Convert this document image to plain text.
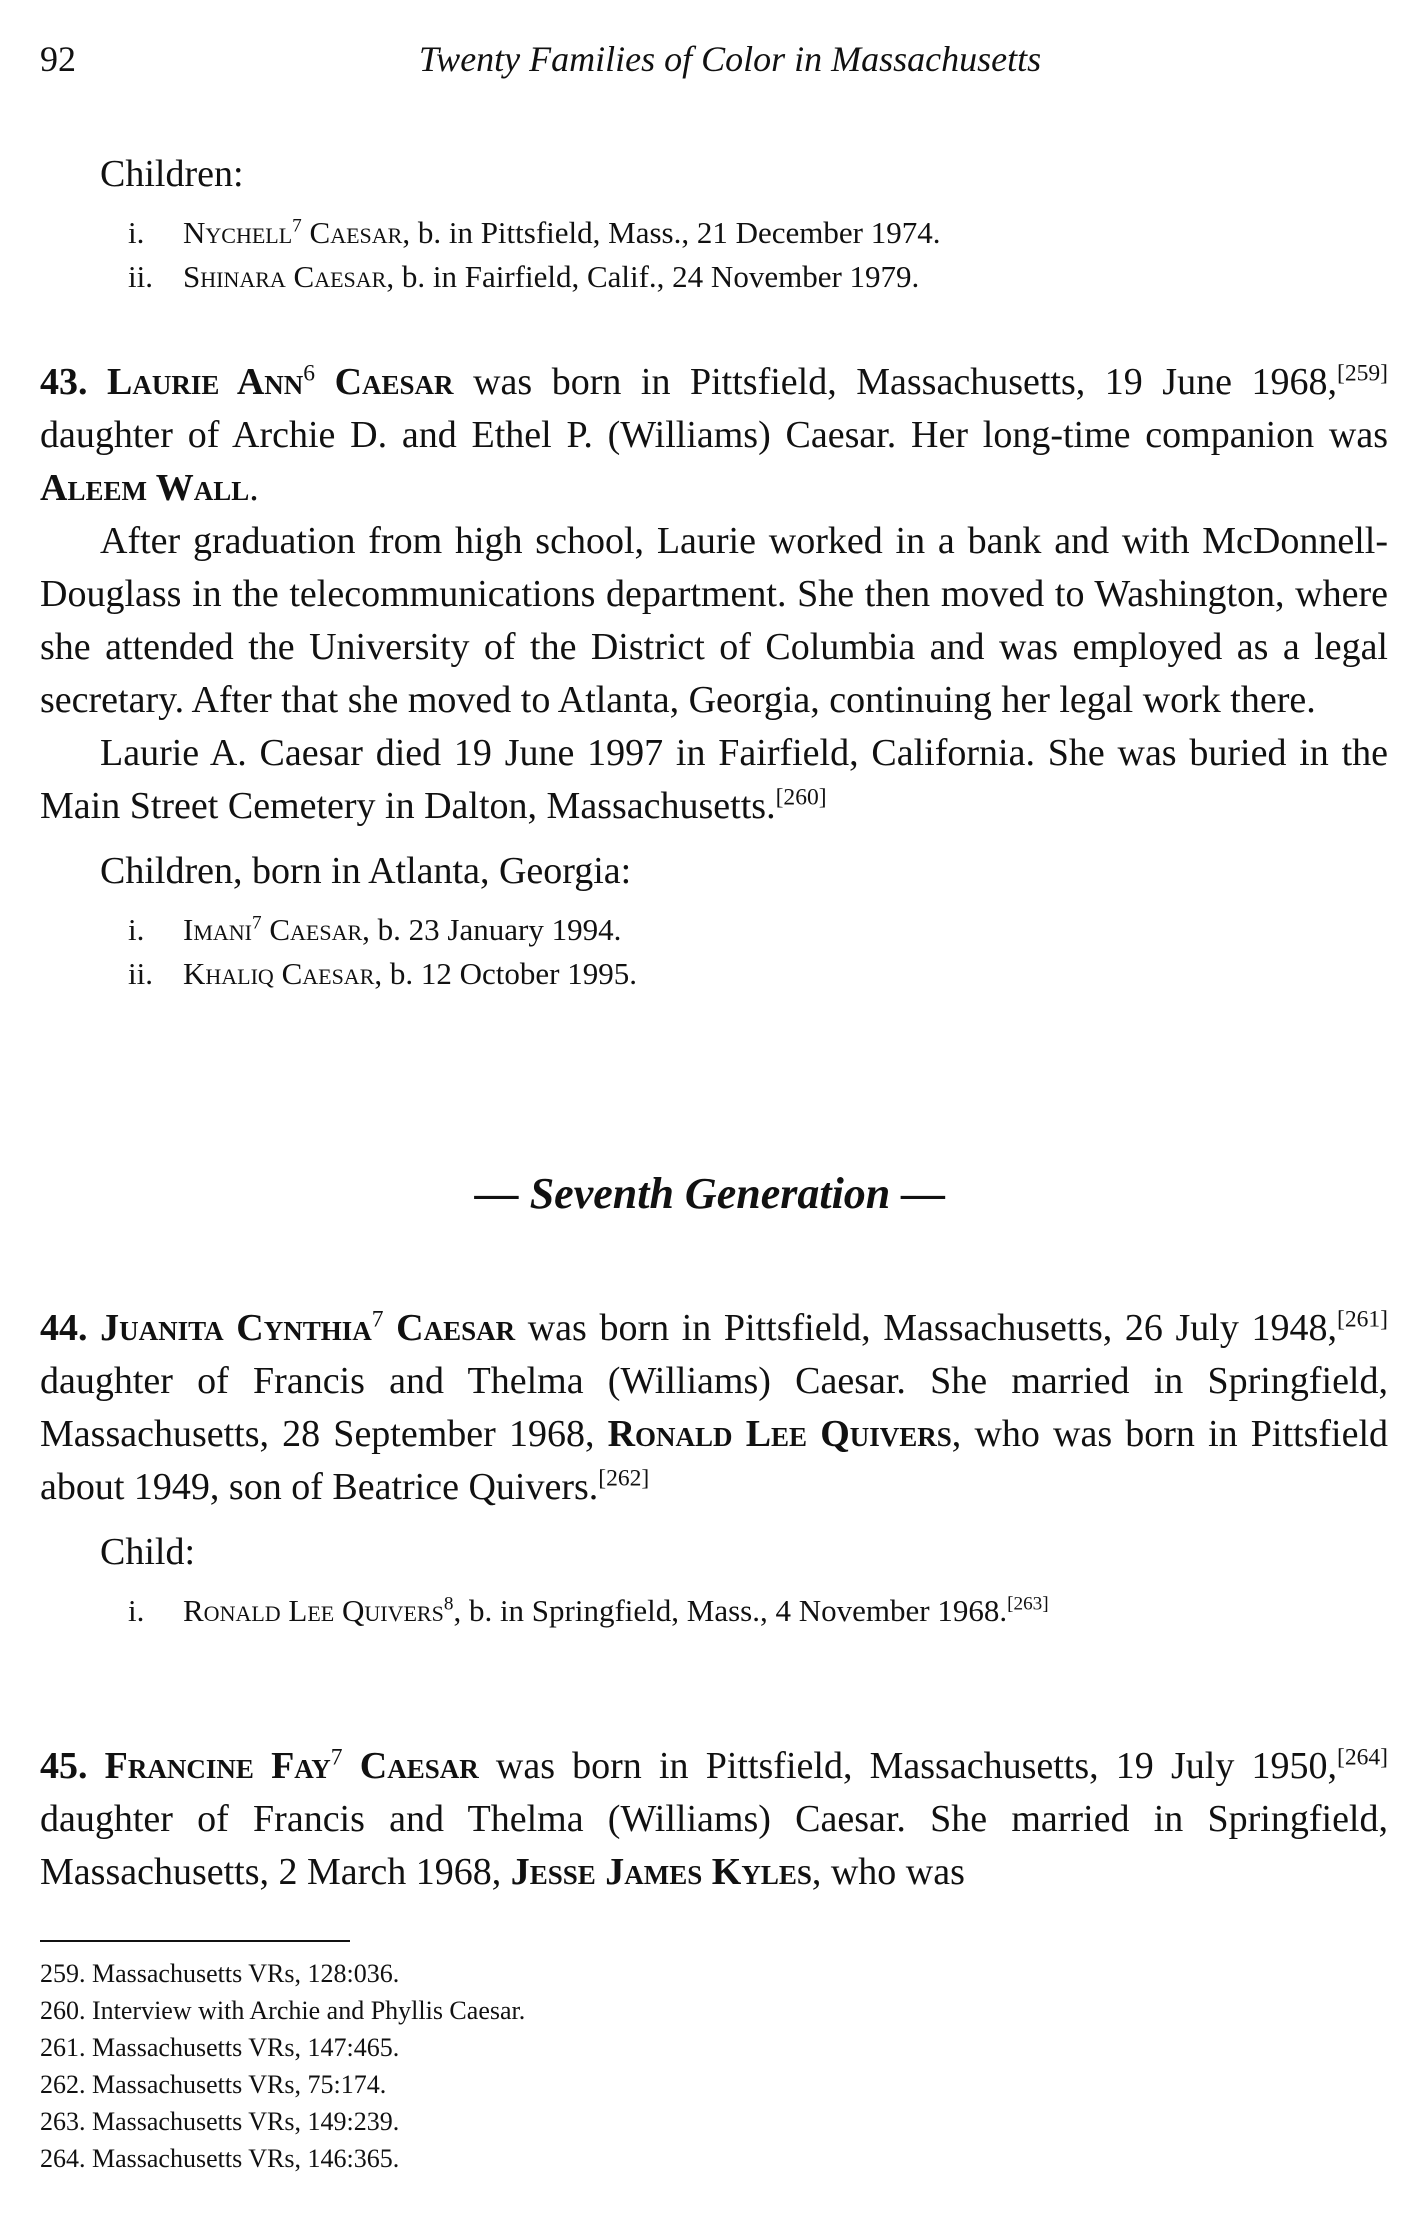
92	Twenty Families of Color in Massachusetts
Children:
i. Nychell$^7$ Caesar, b. in Pittsfield, Mass., 21 December 1974.
ii. Shinara Caesar, b. in Fairfield, Calif., 24 November 1979.

43. Laurie Ann$^6$ Caesar was born in Pittsfield, Massachusetts, 19 June 1968,[259] daughter of Archie D. and Ethel P. (Williams) Caesar. Her long-time companion was Aleem Wall.

After graduation from high school, Laurie worked in a bank and with McDonnell-Douglass in the telecommunications department. She then moved to Washington, where she attended the University of the District of Columbia and was employed as a legal secretary. After that she moved to Atlanta, Georgia, continuing her legal work there.

Laurie A. Caesar died 19 June 1997 in Fairfield, California. She was buried in the Main Street Cemetery in Dalton, Massachusetts.[260]

Children, born in Atlanta, Georgia:
i. Imani$^7$ Caesar, b. 23 January 1994.
ii. Khaliq Caesar, b. 12 October 1995.
— Seventh Generation —

44. Juanita Cynthia$^7$ Caesar was born in Pittsfield, Massachusetts, 26 July 1948,[261] daughter of Francis and Thelma (Williams) Caesar. She married in Springfield, Massachusetts, 28 September 1968, Ronald Lee Quivers, who was born in Pittsfield about 1949, son of Beatrice Quivers.[262]

Child:
i. Ronald Lee Quivers$^8$, b. in Springfield, Mass., 4 November 1968.[263]

45. Francine Fay$^7$ Caesar was born in Pittsfield, Massachusetts, 19 July 1950,[264] daughter of Francis and Thelma (Williams) Caesar. She married in Springfield, Massachusetts, 2 March 1968, Jesse James Kyles, who was

259. Massachusetts VRs, 128:036.
260. Interview with Archie and Phyllis Caesar.
261. Massachusetts VRs, 147:465.
262. Massachusetts VRs, 75:174.
263. Massachusetts VRs, 149:239.
264. Massachusetts VRs, 146:365.
